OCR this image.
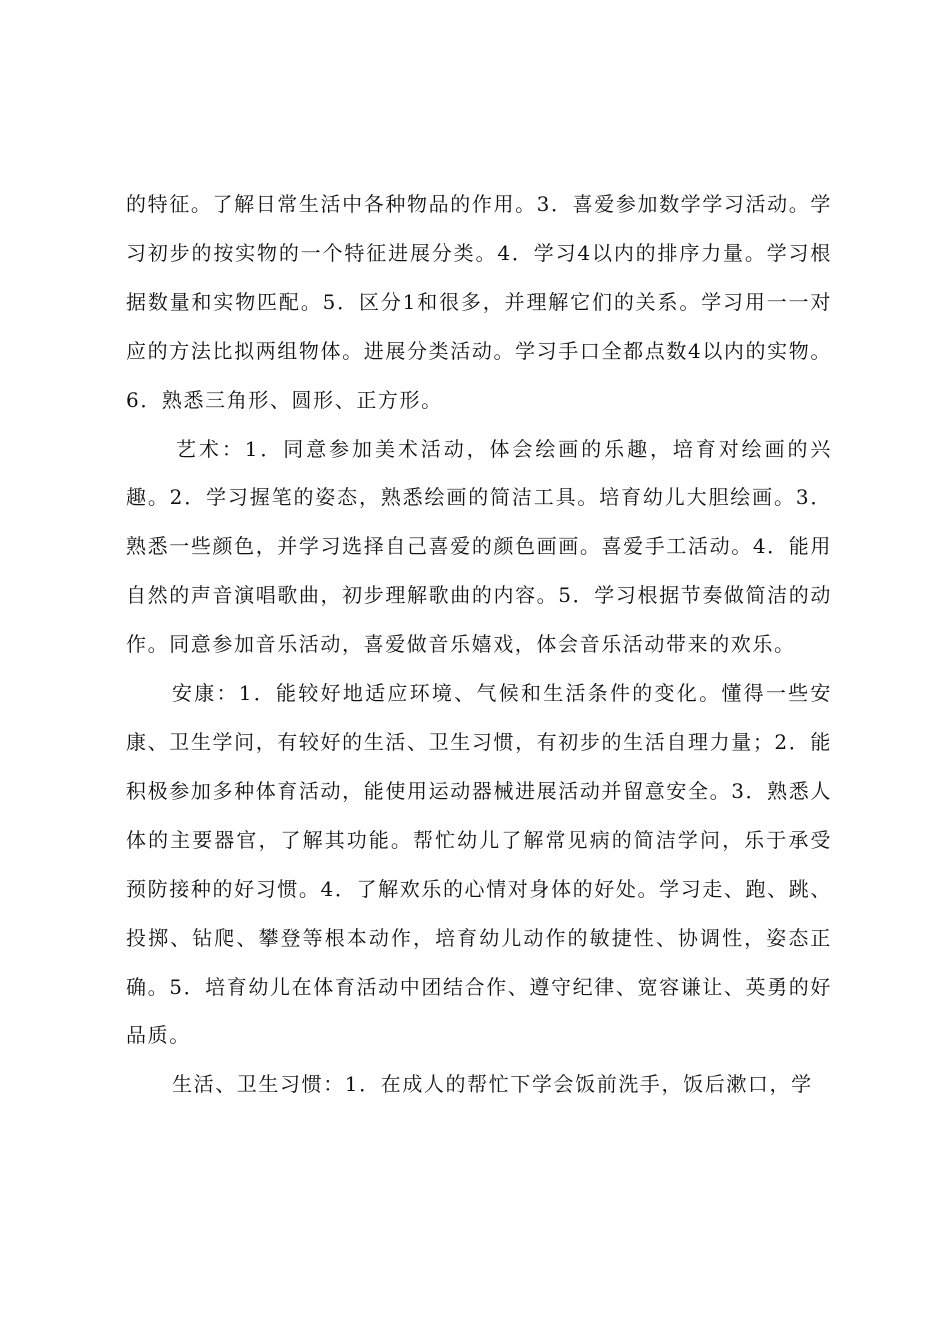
的特征。了解日常生活中各种物品的作用。3．喜爱参加数学学习活动。学习初步的按实物的一个特征进展分类。4．学习4以内的排序力量。学习根据数量和实物匹配。5．区分1和很多，并理解它们的关系。学习用一一对应的方法比拟两组物体。进展分类活动。学习手口全都点数4以内的实物。6．熟悉三角形、圆形、正方形。

艺术：1．同意参加美术活动，体会绘画的乐趣，培育对绘画的兴趣。2．学习握笔的姿态，熟悉绘画的简洁工具。培育幼儿大胆绘画。3．熟悉一些颜色，并学习选择自己喜爱的颜色画画。喜爱手工活动。4．能用自然的声音演唱歌曲，初步理解歌曲的内容。5．学习根据节奏做简洁的动作。同意参加音乐活动，喜爱做音乐嬉戏，体会音乐活动带来的欢乐。

安康：1．能较好地适应环境、气候和生活条件的变化。懂得一些安康、卫生学问，有较好的生活、卫生习惯，有初步的生活自理力量；2．能积极参加多种体育活动，能使用运动器械进展活动并留意安全。3．熟悉人体的主要器官，了解其功能。帮忙幼儿了解常见病的简洁学问，乐于承受预防接种的好习惯。4．了解欢乐的心情对身体的好处。学习走、跑、跳、投掷、钻爬、攀登等根本动作，培育幼儿动作的敏捷性、协调性，姿态正确。5．培育幼儿在体育活动中团结合作、遵守纪律、宽容谦让、英勇的好品质。

生活、卫生习惯：1．在成人的帮忙下学会饭前洗手，饭后漱口，学
